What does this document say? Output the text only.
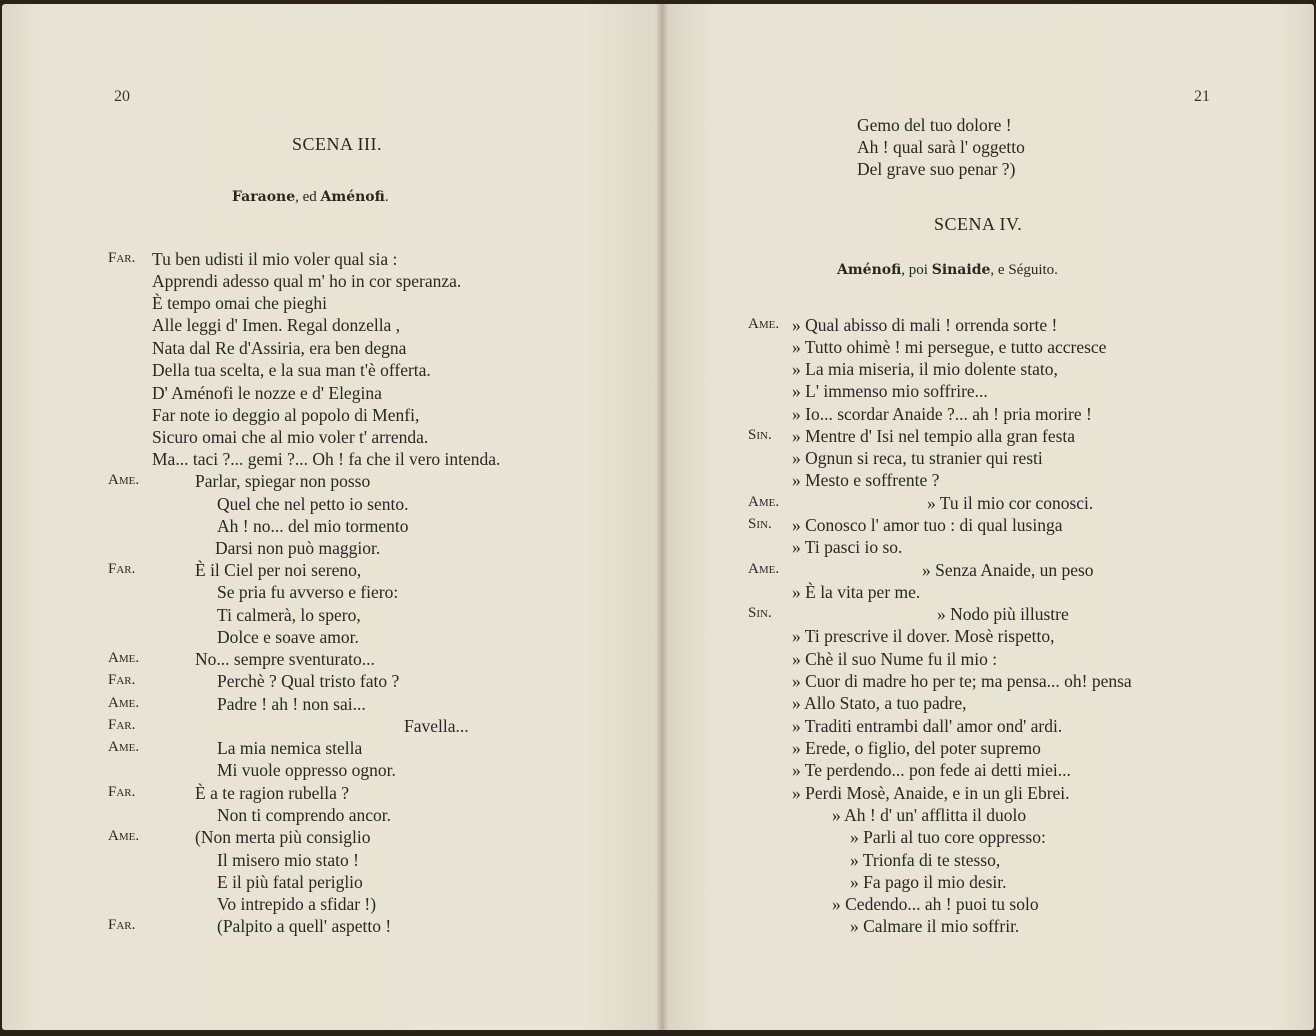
20
SCENA III.
Faraone, ed Aménofi.
Far. Tu ben udisti il mio voler qual sia :
Apprendi adesso qual m' ho in cor speranza.
È tempo omai che pieghi
Alle leggi d' Imen. Regal donzella ,
Nata dal Re d'Assiria, era ben degna
Della tua scelta, e la sua man t'è offerta.
D' Aménofi le nozze e d' Elegina
Far note io deggio al popolo di Menfi,
Sicuro omai che al mio voler t' arrenda.
Ma... taci ?... gemi ?... Oh ! fa che il vero intenda.
Ame.	Parlar, spiegar non posso
Quel che nel petto io sento.
Ah ! no... del mio tormento
Darsi non può maggior.
Far.	È il Ciel per noi sereno,
Se pria fu avverso e fiero:
Ti calmerà, lo spero,
Dolce e soave amor.
Ame.	No... sempre sventurato...
Far.	Perchè ? Qual tristo fato ?
Ame.	Padre ! ah ! non sai...
Far.	Favella...
Ame.	La mia nemica stella
Mi vuole oppresso ognor.
Far.	È a te ragion rubella ?
Non ti comprendo ancor.
Ame.	(Non merta più consiglio
Il misero mio stato !
E il più fatal periglio
Vo intrepido a sfidar !)
Far.	(Palpito a quell' aspetto !
21
Gemo del tuo dolore !
Ah ! qual sarà l' oggetto
Del grave suo penar ?)
SCENA IV.
Aménofi, poi Sinaide, e Séguito.
Ame. » Qual abisso di mali ! orrenda sorte !
» Tutto ohimè ! mi persegue, e tutto accresce
» La mia miseria, il mio dolente stato,
» L' immenso mio soffrire...
» Io... scordar Anaide ?... ah ! pria morire !
Sin. » Mentre d' Isi nel tempio alla gran festa
» Ognun si reca, tu stranier qui resti
» Mesto e soffrente ?
Ame.	» Tu il mio cor conosci.
Sin. » Conosco l' amor tuo : di qual lusinga
» Ti pasci io so.
Ame.	» Senza Anaide, un peso
» È la vita per me.
Sin.	» Nodo più illustre
» Ti prescrive il dover. Mosè rispetto,
» Chè il suo Nume fu il mio :
» Cuor di madre ho per te; ma pensa... oh! pensa
» Allo Stato, a tuo padre,
» Traditi entrambi dall' amor ond' ardi.
» Erede, o figlio, del poter supremo
» Te perdendo... pon fede ai detti miei...
» Perdi Mosè, Anaide, e in un gli Ebrei.
» Ah ! d' un' afflitta il duolo
» Parli al tuo core oppresso:
» Trionfa di te stesso,
» Fa pago il mio desir.
» Cedendo... ah ! puoi tu solo
» Calmare il mio soffrir.
